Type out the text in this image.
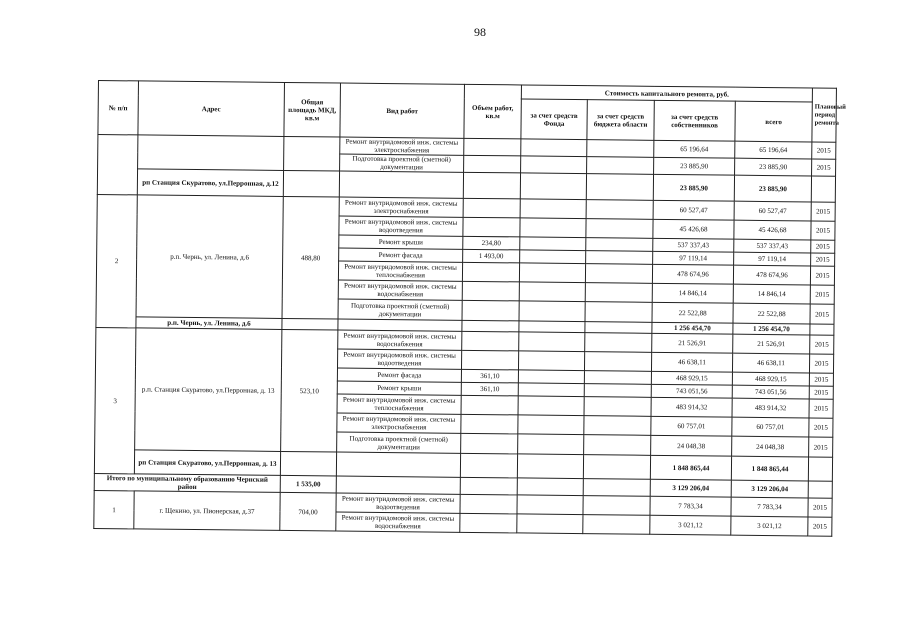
98
№ п/п	Адрес	Общая площадь МКД, кв.м	Вид работ	Объем работ, кв.м	Стоимость капитального ремонта, руб.				Плановый период ремонта
					за счет средств Фонда	за счет средств бюджета области	за счет средств собственников	всего	
			Ремонт внутридомовой инж. системы электроснабжения				65 196,64	65 196,64	2015
			Подготовка проектной (сметной) документации				23 885,90	23 885,90	2015
	рп Станция Скуратово, ул.Перронная, д.12						23 885,90	23 885,90	
2	р.п. Чернь, ул. Ленина, д.6	488,80	Ремонт внутридомовой инж. системы электроснабжения				60 527,47	60 527,47	2015
			Ремонт внутридомовой инж. системы водоотведения				45 426,68	45 426,68	2015
			Ремонт крыши	234,80			537 337,43	537 337,43	2015
			Ремонт фасада	1 493,00			97 119,14	97 119,14	2015
			Ремонт внутридомовой инж. системы теплоснабжения				478 674,96	478 674,96	2015
			Ремонт внутридомовой инж. системы водоснабжения				14 846,14	14 846,14	2015
			Подготовка проектной (сметной) документации				22 522,88	22 522,88	2015
	р.п. Чернь, ул. Ленина, д.6						1 256 454,70	1 256 454,70	
3	р.п. Станция Скуратово, ул.Перронная, д. 13	523,10	Ремонт внутридомовой инж. системы водоснабжения				21 526,91	21 526,91	2015
			Ремонт внутридомовой инж. системы водоотведения				46 638,11	46 638,11	2015
			Ремонт фасада	361,10			468 929,15	468 929,15	2015
			Ремонт крыши	361,10			743 051,56	743 051,56	2015
			Ремонт внутридомовой инж. системы теплоснабжения				483 914,32	483 914,32	2015
			Ремонт внутридомовой инж. системы электроснабжения				60 757,01	60 757,01	2015
			Подготовка проектной (сметной) документации				24 048,38	24 048,38	2015
	рп Станция Скуратово, ул.Перронная, д. 13						1 848 865,44	1 848 865,44	
Итого по муниципальному образованию Чернский район		1 535,00					3 129 206,04	3 129 206,04	
1	г. Щекино, ул. Пионерская, д.37	704,00	Ремонт внутридомовой инж. системы водоотведения				7 783,34	7 783,34	2015
			Ремонт внутридомовой инж. системы водоснабжения				3 021,12	3 021,12	2015
